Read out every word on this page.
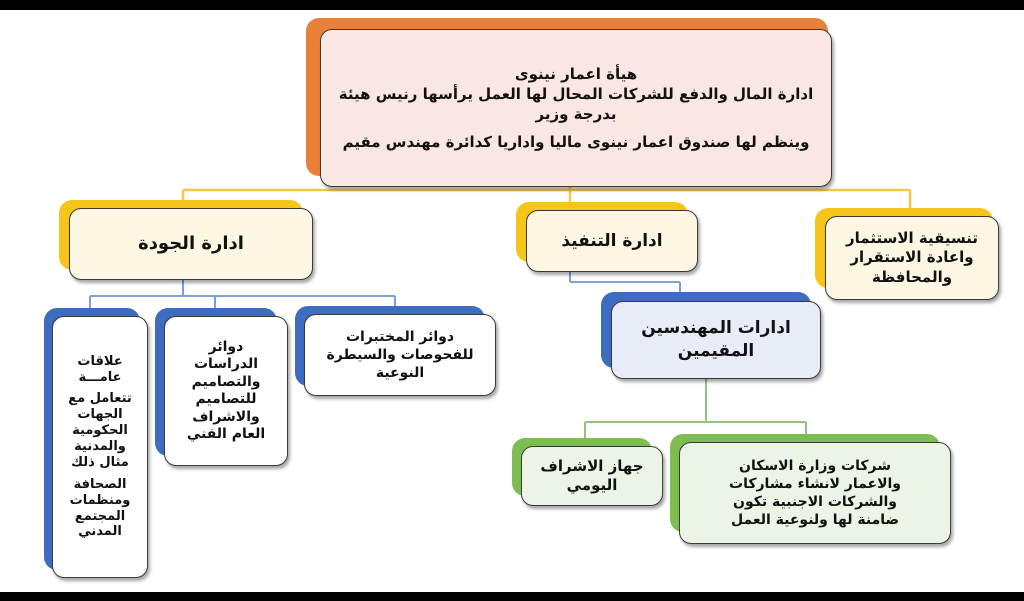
هيأة اعمار نينوى
ادارة المال والدفع للشركات المحال لها العمل يرأسها رنيس هيئة
بدرجة وزير
وينظم لها صندوق اعمار نينوى ماليا واداريا كدائرة مهندس مقيم
ادارة الجودة	ادارة التنفيذ	تنسيقية الاستثمار
واعادة الاستقرار
والمحافظة
دوائر المختبرات
للفحوصات والسيطرة
النوعية
دوائر
الدراسات
والتصاميم
للتصاميم
والاشراف
العام الفني
علاقات
عامـــة
تتعامل مع
الجهات
الحكومية
والمدنية
مثال ذلك
الصحافة
ومنظمات
المجتمع
المدني
ادارات المهندسين
المقيمين
جهاز الاشراف
اليومي
شركات وزارة الاسكان
والاعمار لانشاء مشاركات
والشركات الاجنبية تكون
ضامنة لها ولنوعية العمل
